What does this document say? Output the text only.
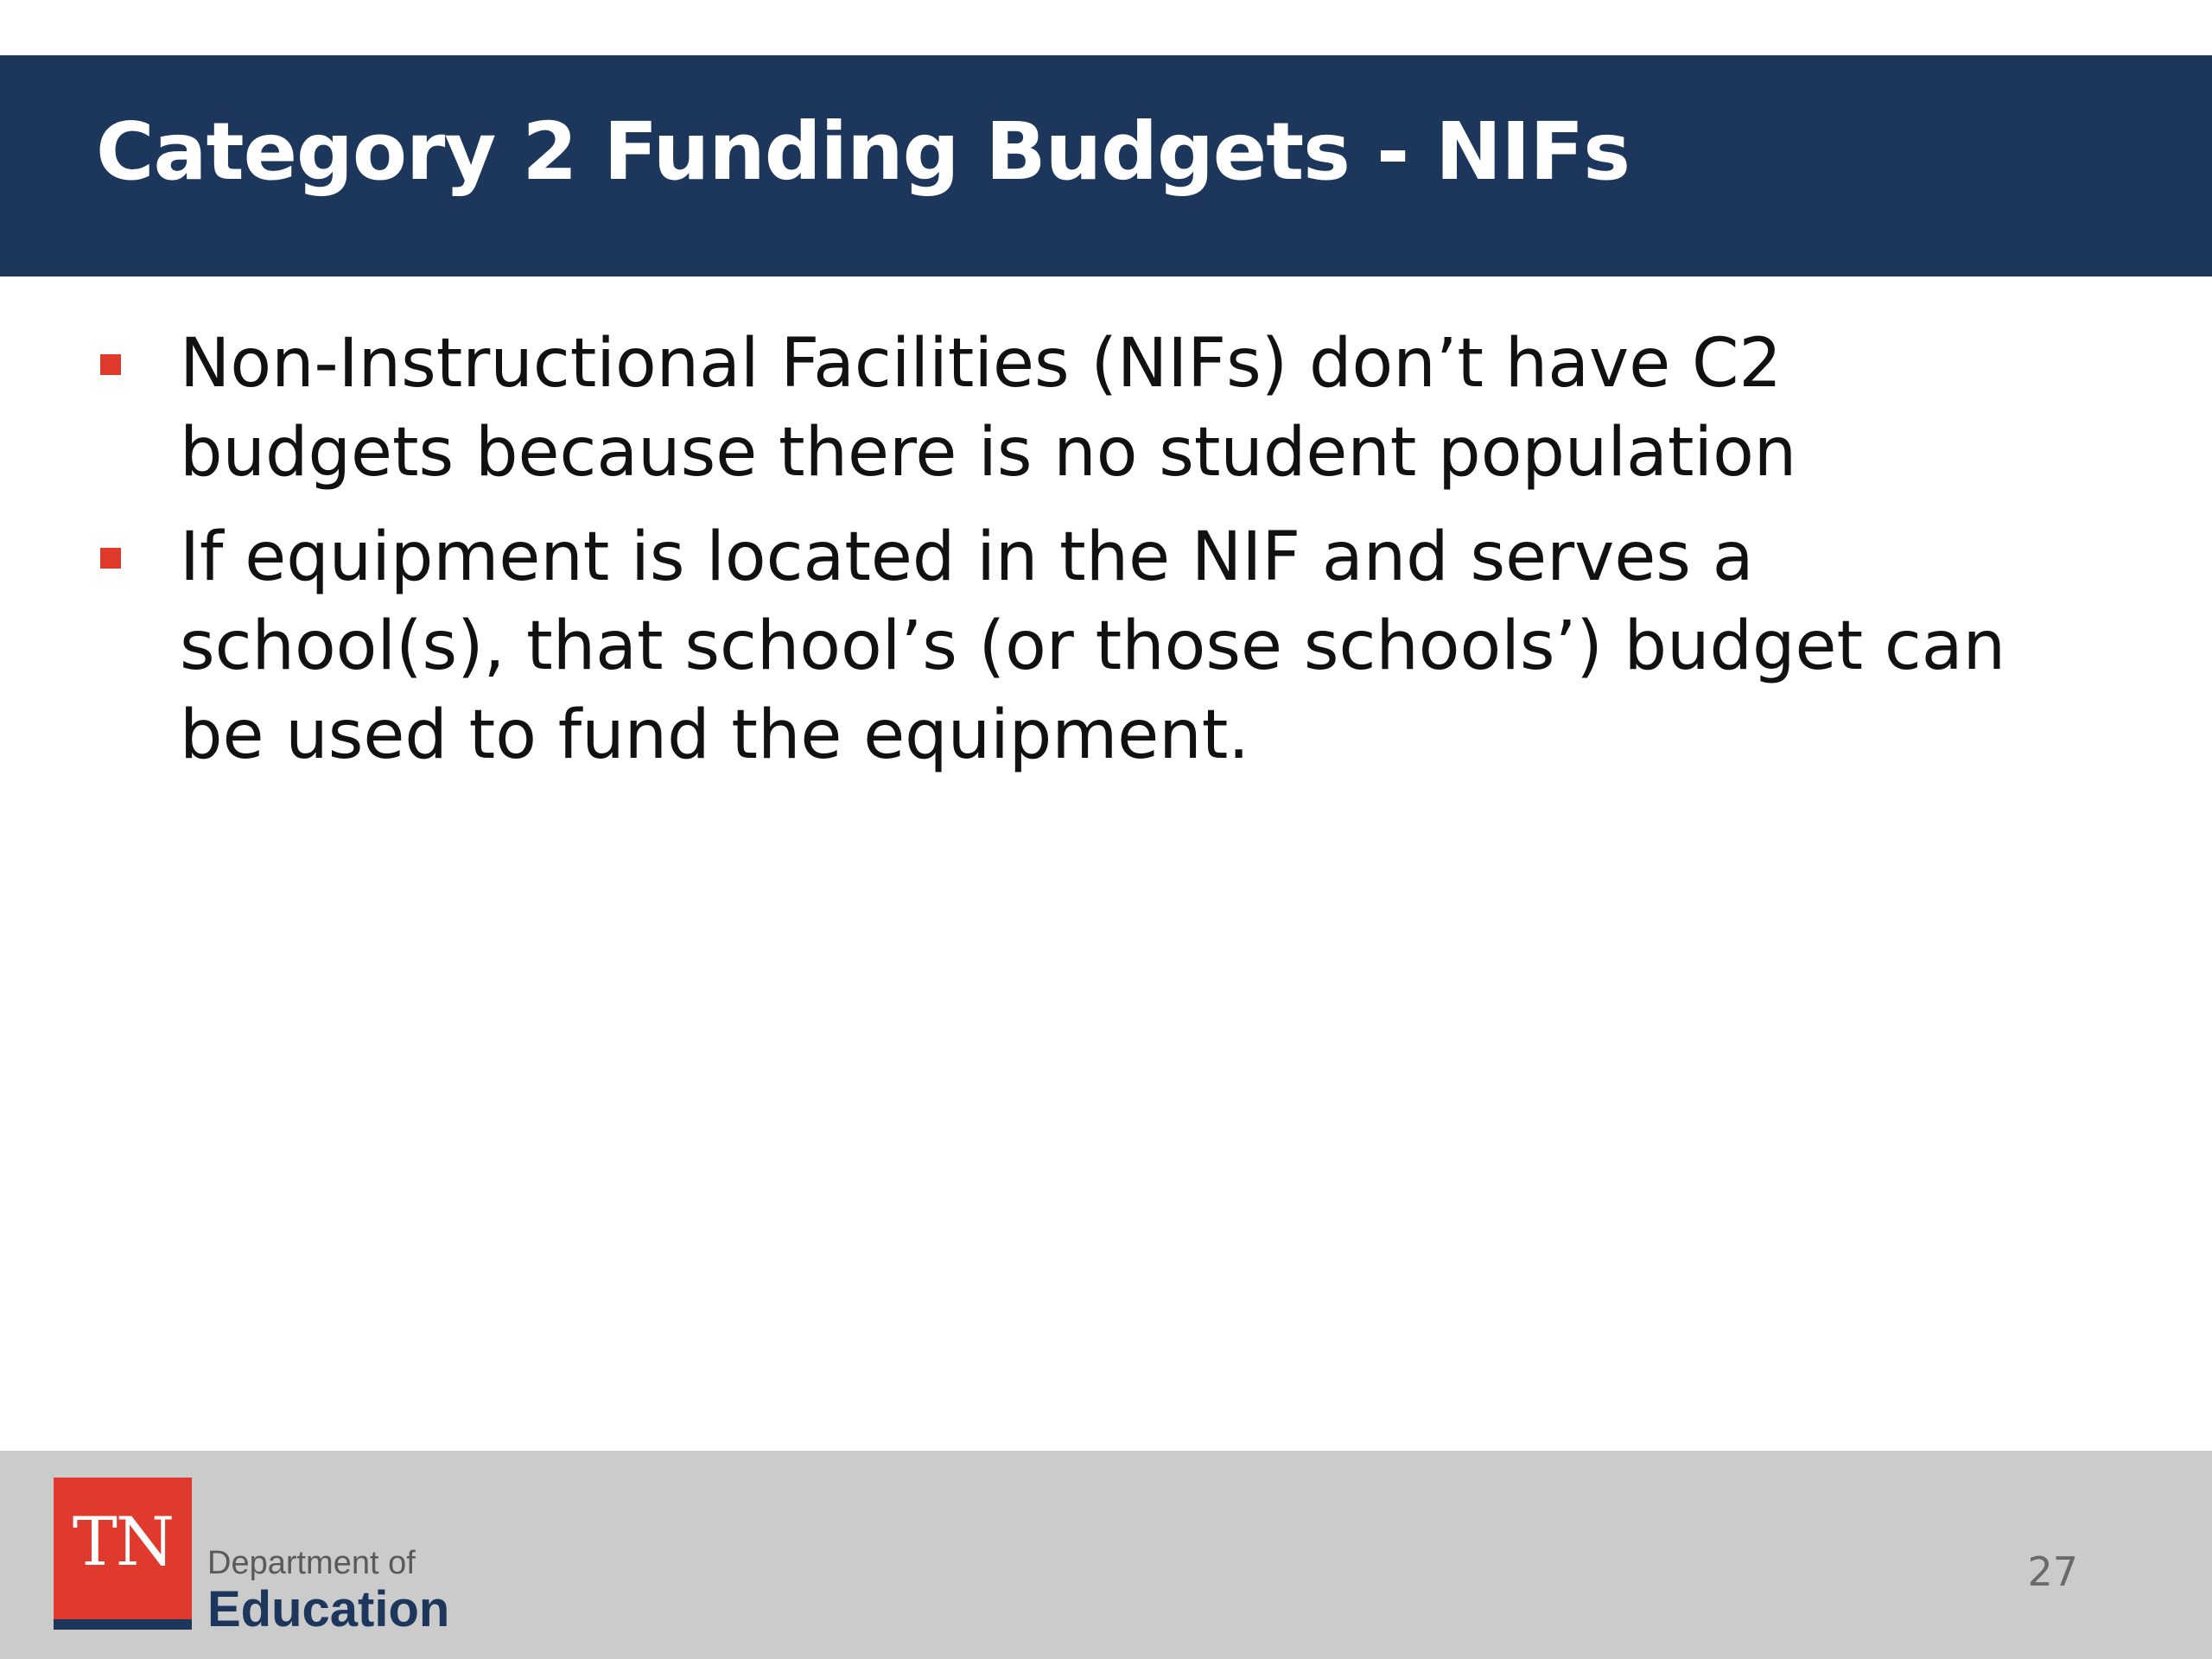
Category 2 Funding Budgets - NIFs
Non-Instructional Facilities (NIFs) don’t have C2 budgets because there is no student population
If equipment is located in the NIF and serves a school(s), that school’s (or those schools’) budget can be used to fund the equipment.
TN	Department of
Education
27
